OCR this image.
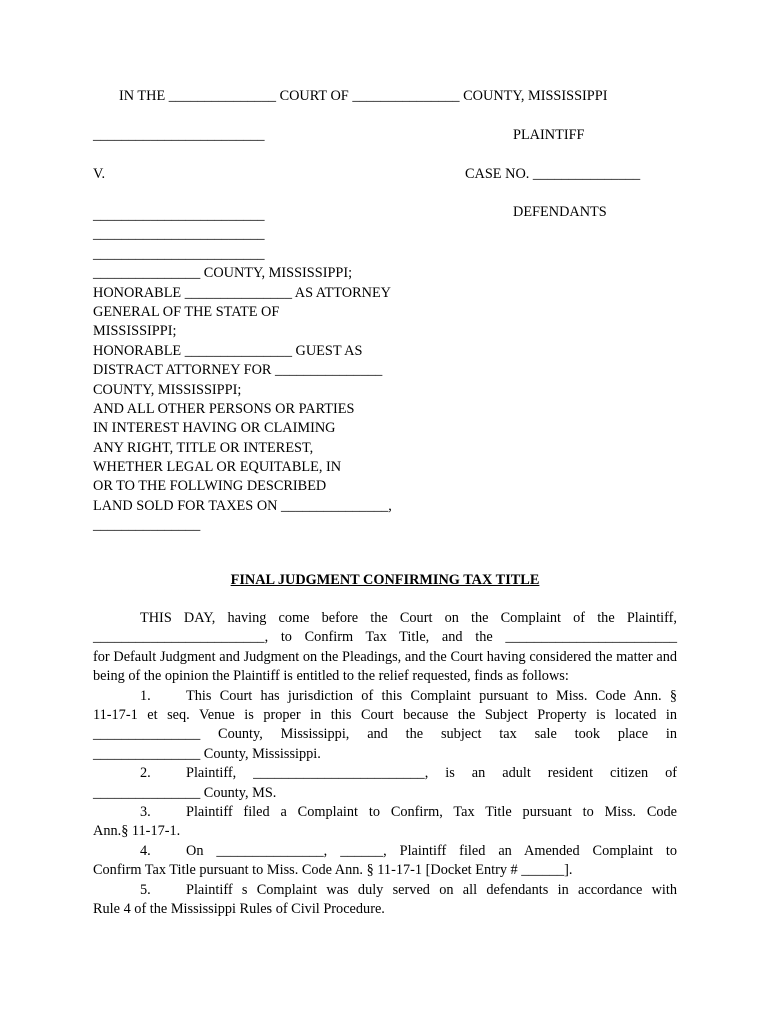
IN THE _______________ COURT OF _______________ COUNTY, MISSISSIPPI
________________________	PLAINTIFF
V.	CASE NO. _______________
DEFENDANTS
________________________
________________________
________________________
_______________ COUNTY, MISSISSIPPI;
HONORABLE _______________ AS ATTORNEY
GENERAL OF THE STATE OF
MISSISSIPPI;
HONORABLE _______________ GUEST AS
DISTRACT ATTORNEY FOR _______________
COUNTY, MISSISSIPPI;
AND ALL OTHER PERSONS OR PARTIES
IN INTEREST HAVING OR CLAIMING
ANY RIGHT, TITLE OR INTEREST,
WHETHER LEGAL OR EQUITABLE, IN
OR TO THE FOLLWING DESCRIBED
LAND SOLD FOR TAXES ON _______________,
_______________
FINAL JUDGMENT CONFIRMING TAX TITLE

THIS DAY, having come before the Court on the Complaint of the Plaintiff,

________________________, to Confirm Tax Title, and the ________________________

for Default Judgment and Judgment on the Pleadings, and the Court having considered the matter and being of the opinion the Plaintiff is entitled to the relief requested, finds as follows:

1.	This Court has jurisdiction of this Complaint pursuant to Miss. Code Ann. §

11-17-1 et seq. Venue is proper in this Court because the Subject Property is located in

_______________ County, Mississippi, and the subject tax sale took place in

_______________ County, Mississippi.

2.	Plaintiff, ________________________, is an adult resident citizen of

_______________ County, MS.

3.	Plaintiff filed a Complaint to Confirm, Tax Title pursuant to Miss. Code

Ann.§ 11-17-1.

4.	On _______________, ______, Plaintiff filed an Amended Complaint to

Confirm Tax Title pursuant to Miss. Code Ann. § 11-17-1 [Docket Entry # ______].

5.	Plaintiff s Complaint was duly served on all defendants in accordance with

Rule 4 of the Mississippi Rules of Civil Procedure.
